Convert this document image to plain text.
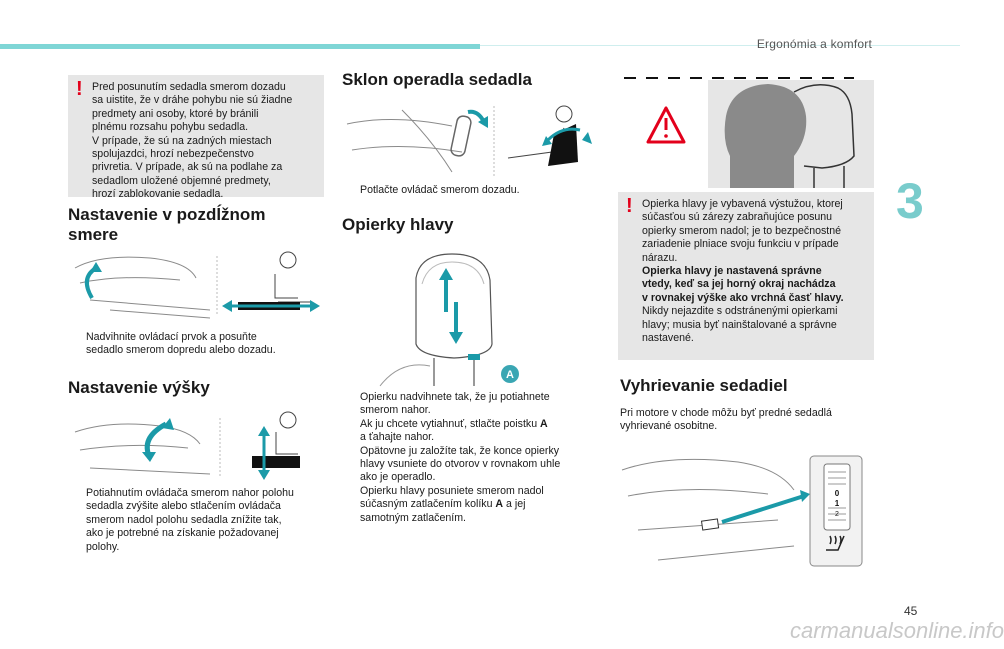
Ergonómia a komfort
3
! Pred posunutím sedadla smerom dozadu
sa uistite, že v dráhe pohybu nie sú žiadne
predmety ani osoby, ktoré by bránili
plnému rozsahu pohybu sedadla.
V prípade, že sú na zadných miestach
spolujazdci, hrozí nebezpečenstvo
privretia. V prípade, ak sú na podlahe za
sedadlom uložené objemné predmety,
hrozí zablokovanie sedadla.
Nastavenie v pozdĺžnom
smere
Nadvihnite ovládací prvok a posuňte
sedadlo smerom dopredu alebo dozadu.
Nastavenie výšky
Potiahnutím ovládača smerom nahor polohu
sedadla zvýšite alebo stlačením ovládača
smerom nadol polohu sedadla znížite tak,
ako je potrebné na získanie požadovanej
polohy.
Sklon operadla sedadla
Potlačte ovládač smerom dozadu.
Opierky hlavy
A
Opierku nadvihnete tak, že ju potiahnete
smerom nahor.
Ak ju chcete vytiahnuť, stlačte poistku A
a ťahajte nahor.
Opätovne ju založíte tak, že konce opierky
hlavy vsuniete do otvorov v rovnakom uhle
ako je operadlo.
Opierku hlavy posuniete smerom nadol
súčasným zatlačením kolíku A a jej
samotným zatlačením.
! Opierka hlavy je vybavená výstužou, ktorej
súčasťou sú zárezy zabraňujúce posunu
opierky smerom nadol; je to bezpečnostné
zariadenie plniace svoju funkciu v prípade
nárazu.
Opierka hlavy je nastavená správne
vtedy, keď sa jej horný okraj nachádza
v rovnakej výške ako vrchná časť hlavy.
Nikdy nejazdite s odstránenými opierkami
hlavy; musia byť nainštalované a správne
nastavené.
Vyhrievanie sedadiel
Pri motore v chode môžu byť predné sedadlá
vyhrievané osobitne.
0
1
2
45
carmanualsonline.info
